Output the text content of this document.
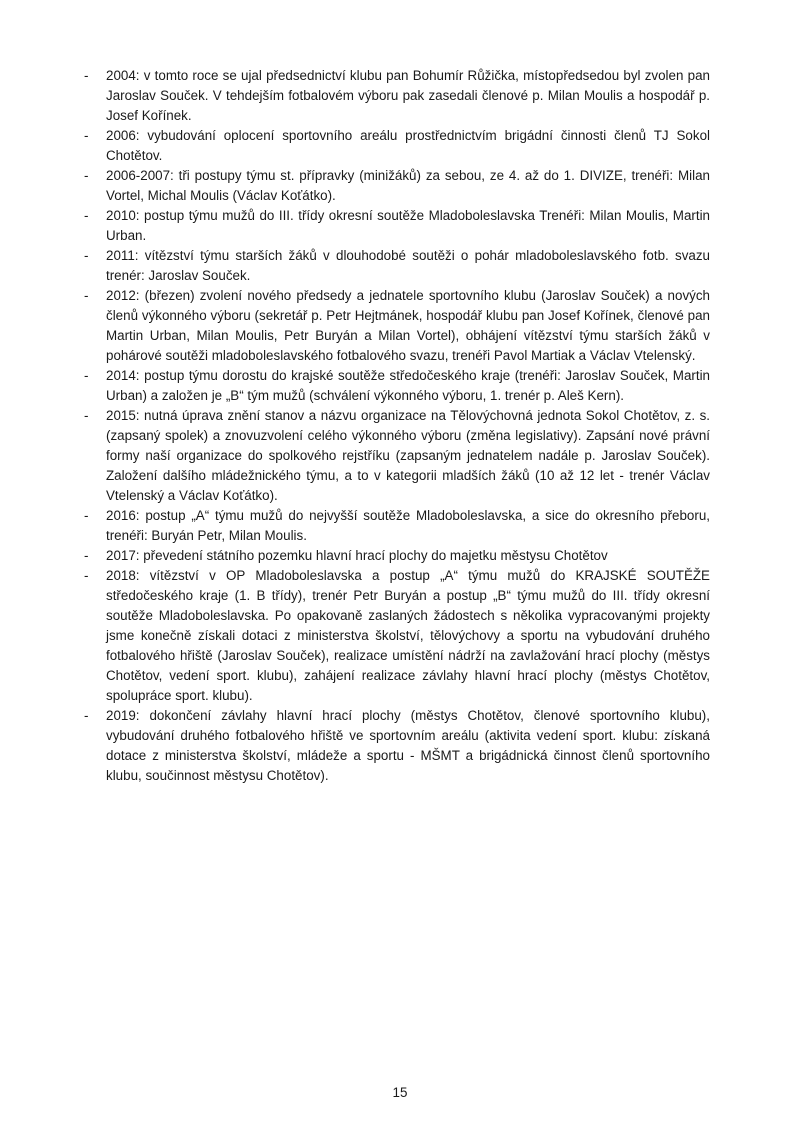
-	2004: v tomto roce se ujal předsednictví klubu pan Bohumír Růžička, místopředsedou byl zvolen pan Jaroslav Souček. V tehdejším fotbalovém výboru pak zasedali členové p. Milan Moulis a hospodář p. Josef Kořínek.
-	2006: vybudování oplocení sportovního areálu prostřednictvím brigádní činnosti členů TJ Sokol Chotětov.
-	2006-2007: tři postupy týmu st. přípravky (minižáků) za sebou, ze 4. až do 1. DIVIZE, trenéři: Milan Vortel, Michal Moulis (Václav Koťátko).
-	2010: postup týmu mužů do III. třídy okresní soutěže Mladoboleslavska Trenéři: Milan Moulis, Martin Urban.
-	2011: vítězství týmu starších žáků v dlouhodobé soutěži o pohár mladoboleslavského fotb. svazu trenér: Jaroslav Souček.
-	2012: (březen) zvolení nového předsedy a jednatele sportovního klubu (Jaroslav Souček) a nových členů výkonného výboru (sekretář p. Petr Hejtmánek, hospodář klubu pan Josef Kořínek, členové pan Martin Urban, Milan Moulis, Petr Buryán a Milan Vortel), obhájení vítězství týmu starších žáků v pohárové soutěži mladoboleslavského fotbalového svazu, trenéři Pavol Martiak a Václav Vtelenský.
-	2014: postup týmu dorostu do krajské soutěže středočeského kraje (trenéři: Jaroslav Souček, Martin Urban) a založen je „B“ tým mužů (schválení výkonného výboru, 1. trenér p. Aleš Kern).
-	2015: nutná úprava znění stanov a názvu organizace na Tělovýchovná jednota Sokol Chotětov, z. s. (zapsaný spolek) a znovuzvolení celého výkonného výboru (změna legislativy). Zapsání nové právní formy naší organizace do spolkového rejstříku (zapsaným jednatelem nadále p. Jaroslav Souček). Založení dalšího mládežnického týmu, a to v kategorii mladších žáků (10 až 12 let - trenér Václav Vtelenský a Václav Koťátko).
-	2016: postup „A“ týmu mužů do nejvyšší soutěže Mladoboleslavska, a sice do okresního přeboru, trenéři: Buryán Petr, Milan Moulis.
-	2017: převedení státního pozemku hlavní hrací plochy do majetku městysu Chotětov
-	2018: vítězství v OP Mladoboleslavska a postup „A“ týmu mužů do KRAJSKÉ SOUTĚŽE středočeského kraje (1. B třídy), trenér Petr Buryán a postup „B“ týmu mužů do III. třídy okresní soutěže Mladoboleslavska. Po opakovaně zaslaných žádostech s několika vypracovanými projekty jsme konečně získali dotaci z ministerstva školství, tělovýchovy a sportu na vybudování druhého fotbalového hřiště (Jaroslav Souček), realizace umístění nádrží na zavlažování hrací plochy (městys Chotětov, vedení sport. klubu), zahájení realizace závlahy hlavní hrací plochy (městys Chotětov, spolupráce sport. klubu).
-	2019: dokončení závlahy hlavní hrací plochy (městys Chotětov, členové sportovního klubu), vybudování druhého fotbalového hřiště ve sportovním areálu (aktivita vedení sport. klubu: získaná dotace z ministerstva školství, mládeže a sportu - MŠMT a brigádnická činnost členů sportovního klubu, součinnost městysu Chotětov).
15
